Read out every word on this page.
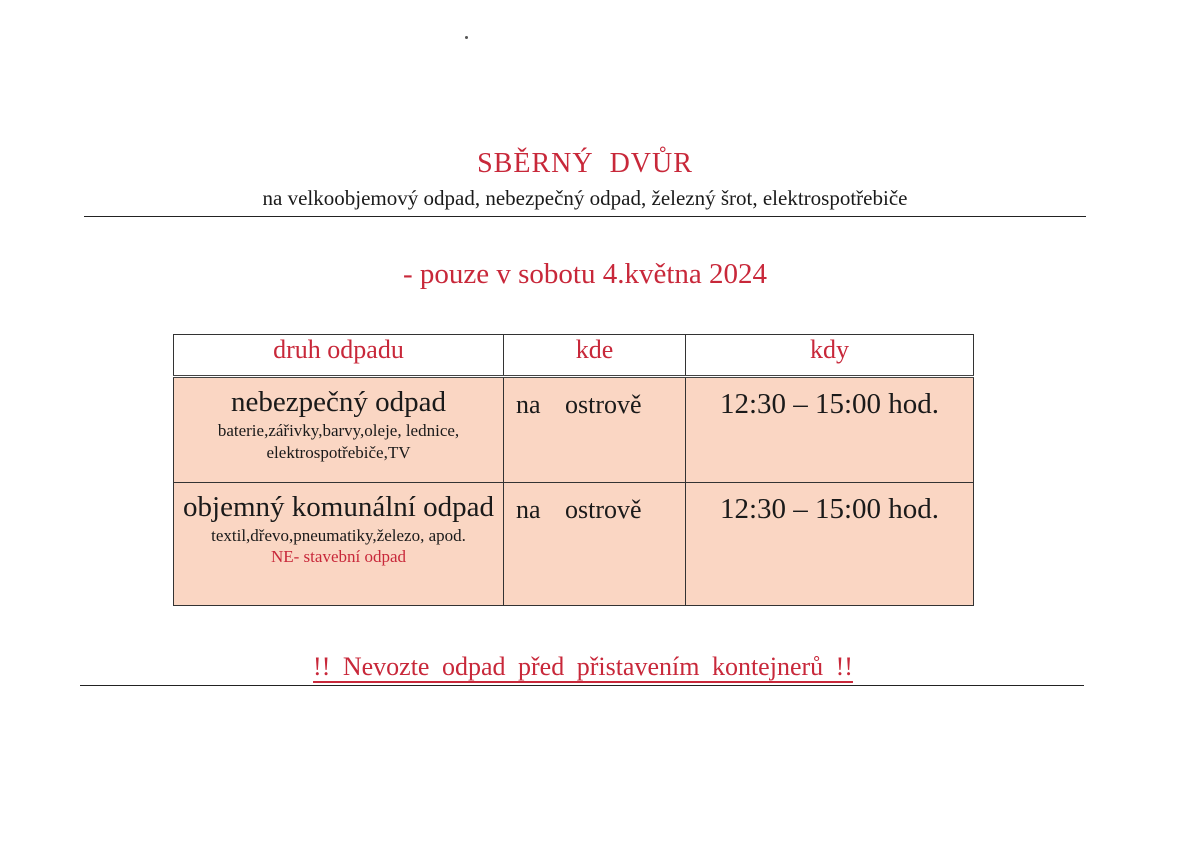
SBĚRNÝ DVŮR
na velkoobjemový odpad, nebezpečný odpad, železný šrot, elektrospotřebiče
- pouze v sobotu 4.května 2024
druh odpadu	kde	kdy

nebezpečný odpad
baterie,zářivky,barvy,oleje, lednice,
elektrospotřebiče,TV	na ostrově	12:30 – 15:00 hod.

objemný komunální odpad
textil,dřevo,pneumatiky,železo, apod.
NE- stavební odpad	na ostrově	12:30 – 15:00 hod.
!! Nevozte odpad před přistavením kontejnerů !!
